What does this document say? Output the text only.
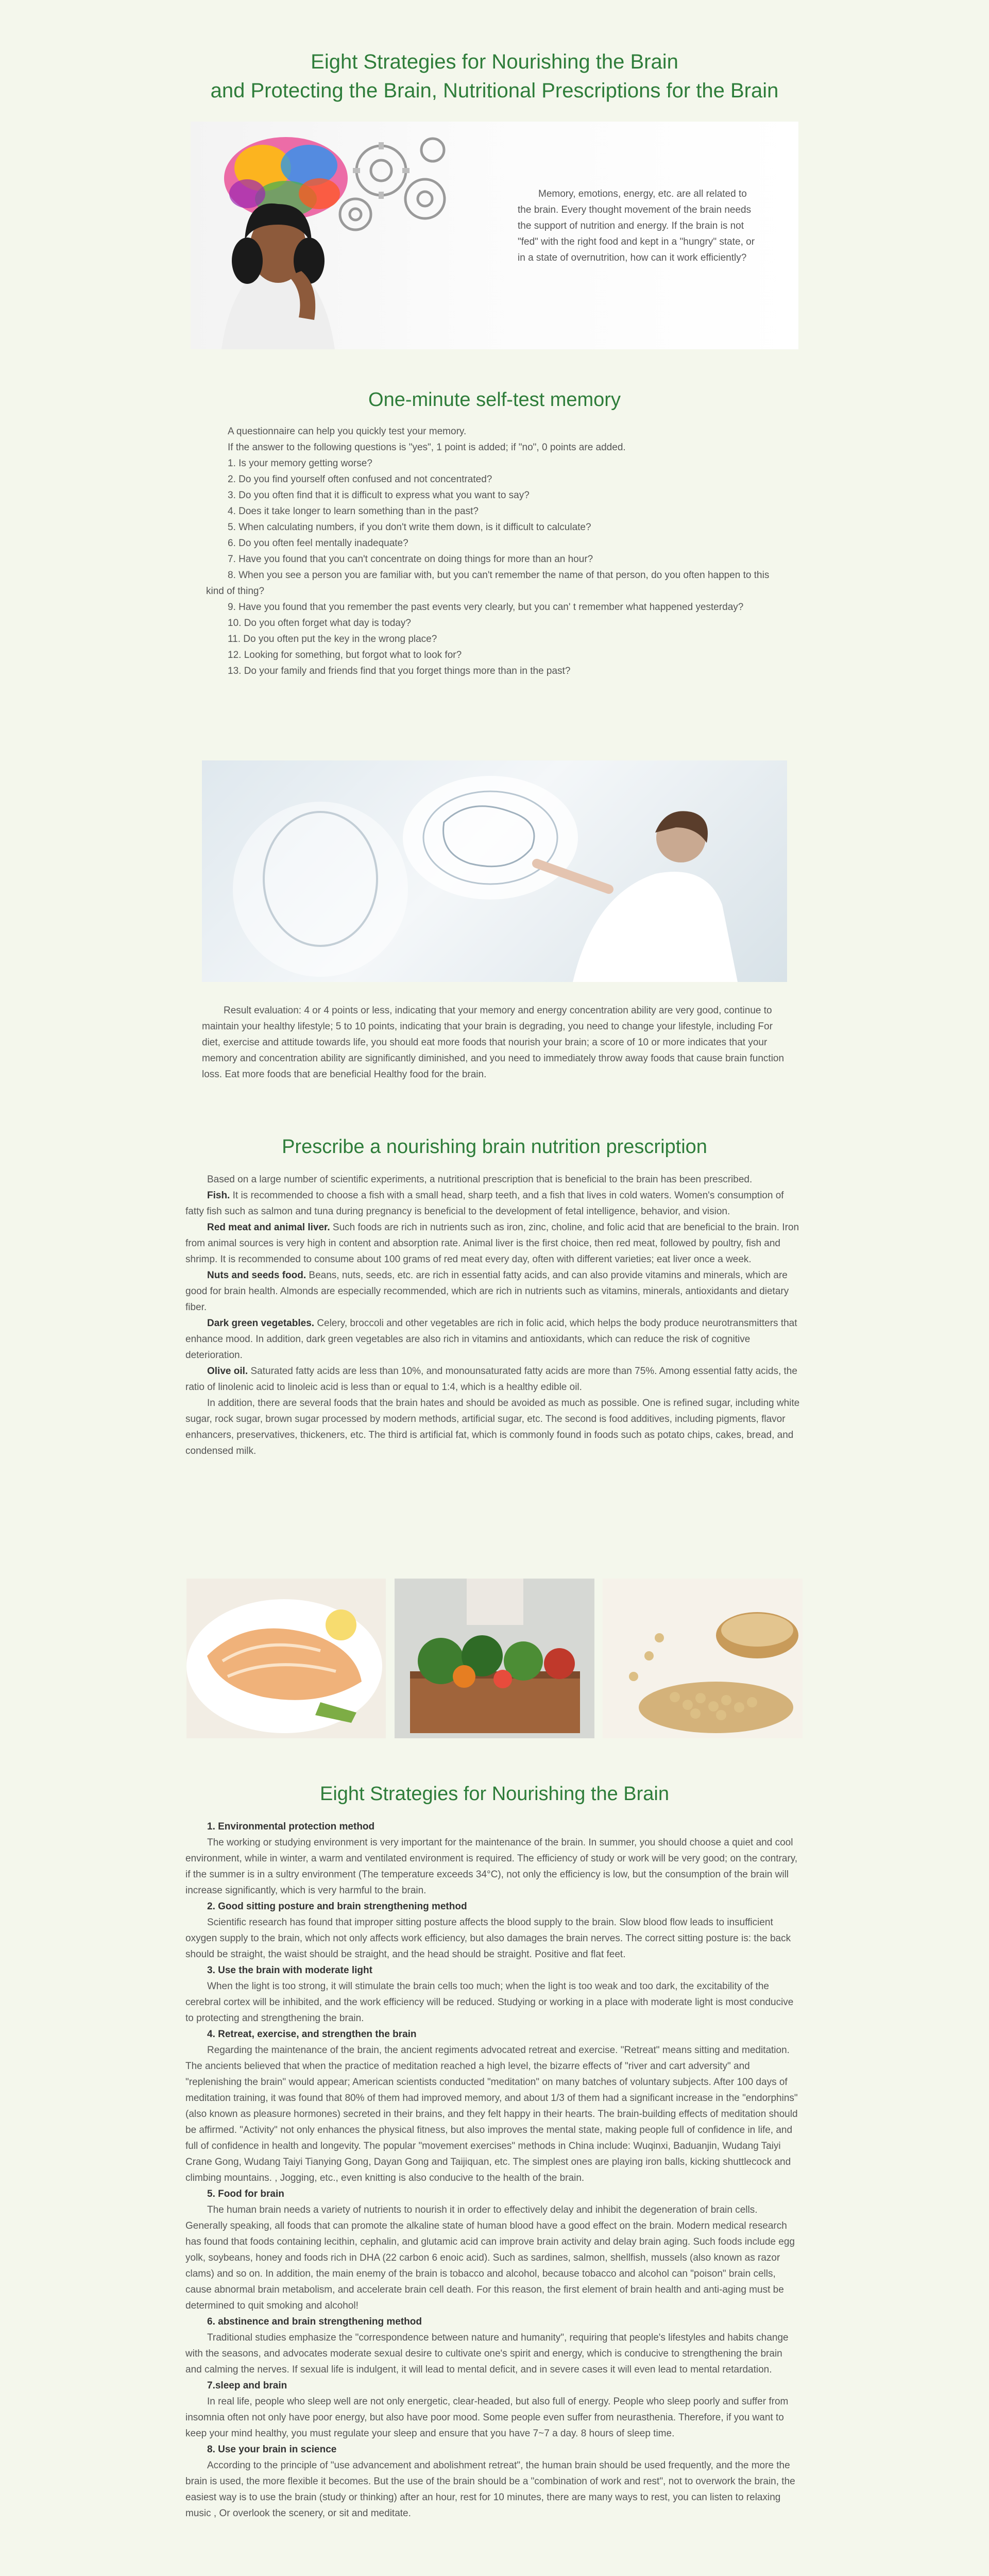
Eight Strategies for Nourishing the Brain
and Protecting the Brain, Nutritional Prescriptions for the Brain
Memory, emotions, energy, etc. are all related to the brain. Every thought movement of the brain needs the support of nutrition and energy. If the brain is not "fed" with the right food and kept in a "hungry" state, or in a state of overnutrition, how can it work efficiently?
One-minute self-test memory

A questionnaire can help you quickly test your memory.

If the answer to the following questions is "yes", 1 point is added; if "no", 0 points are added.

1. Is your memory getting worse?

2. Do you find yourself often confused and not concentrated?

3. Do you often find that it is difficult to express what you want to say?

4. Does it take longer to learn something than in the past?

5. When calculating numbers, if you don't write them down, is it difficult to calculate?

6. Do you often feel mentally inadequate?

7. Have you found that you can't concentrate on doing things for more than an hour?

8. When you see a person you are familiar with, but you can't remember the name of that person, do you often happen to this kind of thing?

9. Have you found that you remember the past events very clearly, but you can' t remember what happened yesterday?

10. Do you often forget what day is today?

11. Do you often put the key in the wrong place?

12. Looking for something, but forgot what to look for?

13. Do your family and friends find that you forget things more than in the past?

Result evaluation: 4 or 4 points or less, indicating that your memory and energy concentration ability are very good, continue to maintain your healthy lifestyle; 5 to 10 points, indicating that your brain is degrading, you need to change your lifestyle, including For diet, exercise and attitude towards life, you should eat more foods that nourish your brain; a score of 10 or more indicates that your memory and concentration ability are significantly diminished, and you need to immediately throw away foods that cause brain function loss. Eat more foods that are beneficial Healthy food for the brain.

Prescribe a nourishing brain nutrition prescription

Based on a large number of scientific experiments, a nutritional prescription that is beneficial to the brain has been prescribed.

Fish. It is recommended to choose a fish with a small head, sharp teeth, and a fish that lives in cold waters. Women's consumption of fatty fish such as salmon and tuna during pregnancy is beneficial to the development of fetal intelligence, behavior, and vision.

Red meat and animal liver. Such foods are rich in nutrients such as iron, zinc, choline, and folic acid that are beneficial to the brain. Iron from animal sources is very high in content and absorption rate. Animal liver is the first choice, then red meat, followed by poultry, fish and shrimp. It is recommended to consume about 100 grams of red meat every day, often with different varieties; eat liver once a week.

Nuts and seeds food. Beans, nuts, seeds, etc. are rich in essential fatty acids, and can also provide vitamins and minerals, which are good for brain health. Almonds are especially recommended, which are rich in nutrients such as vitamins, minerals, antioxidants and dietary fiber.

Dark green vegetables. Celery, broccoli and other vegetables are rich in folic acid, which helps the body produce neurotransmitters that enhance mood. In addition, dark green vegetables are also rich in vitamins and antioxidants, which can reduce the risk of cognitive deterioration.

Olive oil. Saturated fatty acids are less than 10%, and monounsaturated fatty acids are more than 75%. Among essential fatty acids, the ratio of linolenic acid to linoleic acid is less than or equal to 1:4, which is a healthy edible oil.

In addition, there are several foods that the brain hates and should be avoided as much as possible. One is refined sugar, including white sugar, rock sugar, brown sugar processed by modern methods, artificial sugar, etc. The second is food additives, including pigments, flavor enhancers, preservatives, thickeners, etc. The third is artificial fat, which is commonly found in foods such as potato chips, cakes, bread, and condensed milk.

Eight Strategies for Nourishing the Brain

1. Environmental protection method

The working or studying environment is very important for the maintenance of the brain. In summer, you should choose a quiet and cool environment, while in winter, a warm and ventilated environment is required. The efficiency of study or work will be very good; on the contrary, if the summer is in a sultry environment (The temperature exceeds 34°C), not only the efficiency is low, but the consumption of the brain will increase significantly, which is very harmful to the brain.

2. Good sitting posture and brain strengthening method

Scientific research has found that improper sitting posture affects the blood supply to the brain. Slow blood flow leads to insufficient oxygen supply to the brain, which not only affects work efficiency, but also damages the brain nerves. The correct sitting posture is: the back should be straight, the waist should be straight, and the head should be straight. Positive and flat feet.

3. Use the brain with moderate light

When the light is too strong, it will stimulate the brain cells too much; when the light is too weak and too dark, the excitability of the cerebral cortex will be inhibited, and the work efficiency will be reduced. Studying or working in a place with moderate light is most conducive to protecting and strengthening the brain.

4. Retreat, exercise, and strengthen the brain

Regarding the maintenance of the brain, the ancient regiments advocated retreat and exercise. "Retreat" means sitting and meditation. The ancients believed that when the practice of meditation reached a high level, the bizarre effects of "river and cart adversity" and "replenishing the brain" would appear; American scientists conducted "meditation" on many batches of voluntary subjects. After 100 days of meditation training, it was found that 80% of them had improved memory, and about 1/3 of them had a significant increase in the "endorphins" (also known as pleasure hormones) secreted in their brains, and they felt happy in their hearts. The brain-building effects of meditation should be affirmed. "Activity" not only enhances the physical fitness, but also improves the mental state, making people full of confidence in life, and full of confidence in health and longevity. The popular "movement exercises" methods in China include: Wuqinxi, Baduanjin, Wudang Taiyi Crane Gong, Wudang Taiyi Tianying Gong, Dayan Gong and Taijiquan, etc. The simplest ones are playing iron balls, kicking shuttlecock and climbing mountains. , Jogging, etc., even knitting is also conducive to the health of the brain.

5. Food for brain

The human brain needs a variety of nutrients to nourish it in order to effectively delay and inhibit the degeneration of brain cells. Generally speaking, all foods that can promote the alkaline state of human blood have a good effect on the brain. Modern medical research has found that foods containing lecithin, cephalin, and glutamic acid can improve brain activity and delay brain aging. Such foods include egg yolk, soybeans, honey and foods rich in DHA (22 carbon 6 enoic acid). Such as sardines, salmon, shellfish, mussels (also known as razor clams) and so on. In addition, the main enemy of the brain is tobacco and alcohol, because tobacco and alcohol can "poison" brain cells, cause abnormal brain metabolism, and accelerate brain cell death. For this reason, the first element of brain health and anti-aging must be determined to quit smoking and alcohol!

6. abstinence and brain strengthening method

Traditional studies emphasize the "correspondence between nature and humanity", requiring that people's lifestyles and habits change with the seasons, and advocates moderate sexual desire to cultivate one's spirit and energy, which is conducive to strengthening the brain and calming the nerves. If sexual life is indulgent, it will lead to mental deficit, and in severe cases it will even lead to mental retardation.

7.sleep and brain

In real life, people who sleep well are not only energetic, clear-headed, but also full of energy. People who sleep poorly and suffer from insomnia often not only have poor energy, but also have poor mood. Some people even suffer from neurasthenia. Therefore, if you want to keep your mind healthy, you must regulate your sleep and ensure that you have 7~7 a day. 8 hours of sleep time.

8. Use your brain in science

According to the principle of "use advancement and abolishment retreat", the human brain should be used frequently, and the more the brain is used, the more flexible it becomes. But the use of the brain should be a "combination of work and rest", not to overwork the brain, the easiest way is to use the brain (study or thinking) after an hour, rest for 10 minutes, there are many ways to rest, you can listen to relaxing music , Or overlook the scenery, or sit and meditate.
